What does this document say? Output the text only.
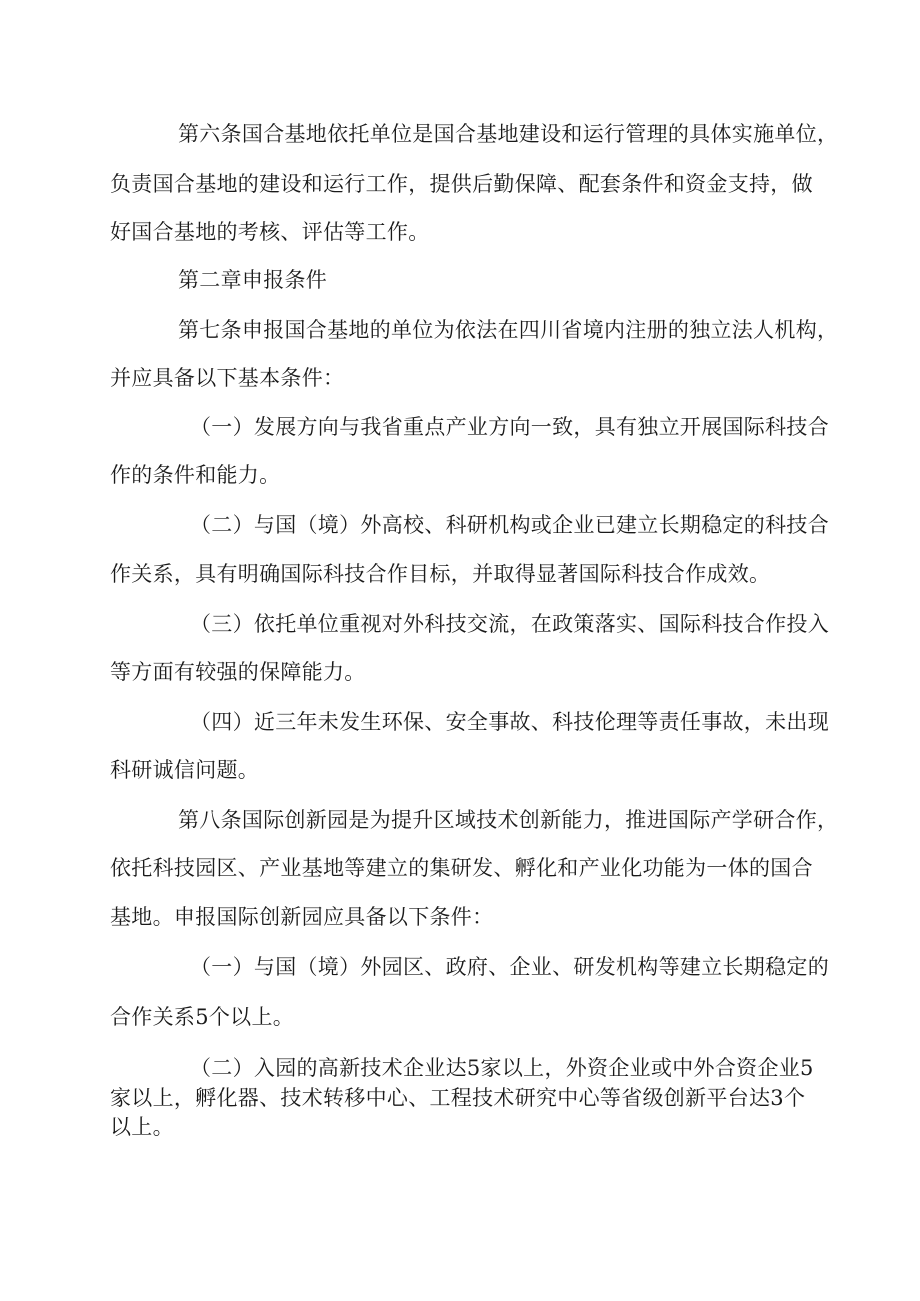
第六条国合基地依托单位是国合基地建设和运行管理的具体实施单位，
负责国合基地的建设和运行工作，提供后勤保障、配套条件和资金支持，做
好国合基地的考核、评估等工作。
第二章申报条件
第七条申报国合基地的单位为依法在四川省境内注册的独立法人机构，
并应具备以下基本条件：
（一）发展方向与我省重点产业方向一致，具有独立开展国际科技合
作的条件和能力。
（二）与国（境）外高校、科研机构或企业已建立长期稳定的科技合
作关系，具有明确国际科技合作目标，并取得显著国际科技合作成效。
（三）依托单位重视对外科技交流，在政策落实、国际科技合作投入
等方面有较强的保障能力。
（四）近三年未发生环保、安全事故、科技伦理等责任事故，未出现
科研诚信问题。
第八条国际创新园是为提升区域技术创新能力，推进国际产学研合作，
依托科技园区、产业基地等建立的集研发、孵化和产业化功能为一体的国合
基地。申报国际创新园应具备以下条件：
（一）与国（境）外园区、政府、企业、研发机构等建立长期稳定的
合作关系5个以上。
（二）入园的高新技术企业达5家以上，外资企业或中外合资企业5
家以上，孵化器、技术转移中心、工程技术研究中心等省级创新平台达3个
以上。
